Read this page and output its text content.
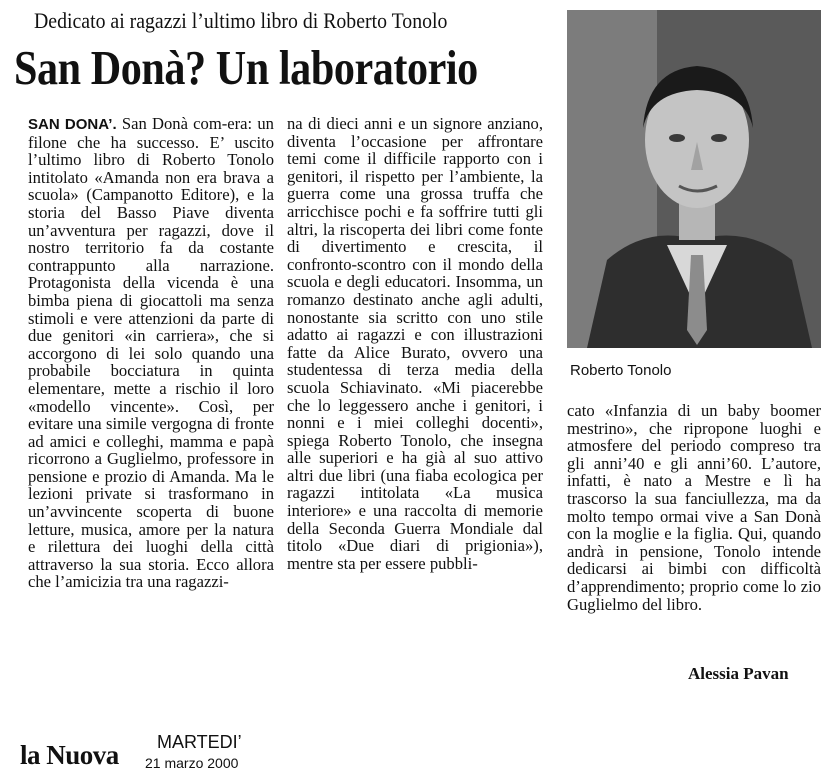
Dedicato ai ragazzi l’ultimo libro di Roberto Tonolo
San Donà? Un laboratorio

SAN DONA’. San Donà com-era: un filone che ha successo. E’ uscito l’ultimo libro di Roberto Tonolo intitolato «Amanda non era brava a scuola» (Campanotto Editore), e la storia del Basso Piave diventa un’avventura per ragazzi, dove il nostro territorio fa da costante contrappunto alla narrazione. Protagonista della vicenda è una bimba piena di giocattoli ma senza stimoli e vere attenzioni da parte di due genitori «in carriera», che si accorgono di lei solo quando una probabile bocciatura in quinta elementare, mette a rischio il loro «modello vincente». Così, per evitare una simile vergogna di fronte ad amici e colleghi, mamma e papà ricorrono a Guglielmo, professore in pensione e prozio di Amanda. Ma le lezioni private si trasformano in un’avvincente scoperta di buone letture, musica, amore per la natura e rilettura dei luoghi della città attraverso la sua storia. Ecco allora che l’amicizia tra una ragazzi-

na di dieci anni e un signore anziano, diventa l’occasione per affrontare temi come il difficile rapporto con i genitori, il rispetto per l’ambiente, la guerra come una grossa truffa che arricchisce pochi e fa soffrire tutti gli altri, la riscoperta dei libri come fonte di divertimento e crescita, il confronto-scontro con il mondo della scuola e degli educatori. Insomma, un romanzo destinato anche agli adulti, nonostante sia scritto con uno stile adatto ai ragazzi e con illustrazioni fatte da Alice Burato, ovvero una studentessa di terza media della scuola Schiavinato. «Mi piacerebbe che lo leggessero anche i genitori, i nonni e i miei colleghi docenti», spiega Roberto Tonolo, che insegna alle superiori e ha già al suo attivo altri due libri (una fiaba ecologica per ragazzi intitolata «La musica interiore» e una raccolta di memorie della Seconda Guerra Mondiale dal titolo «Due diari di prigionia»), mentre sta per essere pubbli-

Roberto Tonolo

cato «Infanzia di un baby boomer mestrino», che ripropone luoghi e atmosfere del periodo compreso tra gli anni’40 e gli anni’60. L’autore, infatti, è nato a Mestre e lì ha trascorso la sua fanciullezza, ma da molto tempo ormai vive a San Donà con la moglie e la figlia. Qui, quando andrà in pensione, Tonolo intende dedicarsi ai bimbi con difficoltà d’apprendimento; proprio come lo zio Guglielmo del libro.

Alessia Pavan
la Nuova MARTEDI’
21 marzo 2000
